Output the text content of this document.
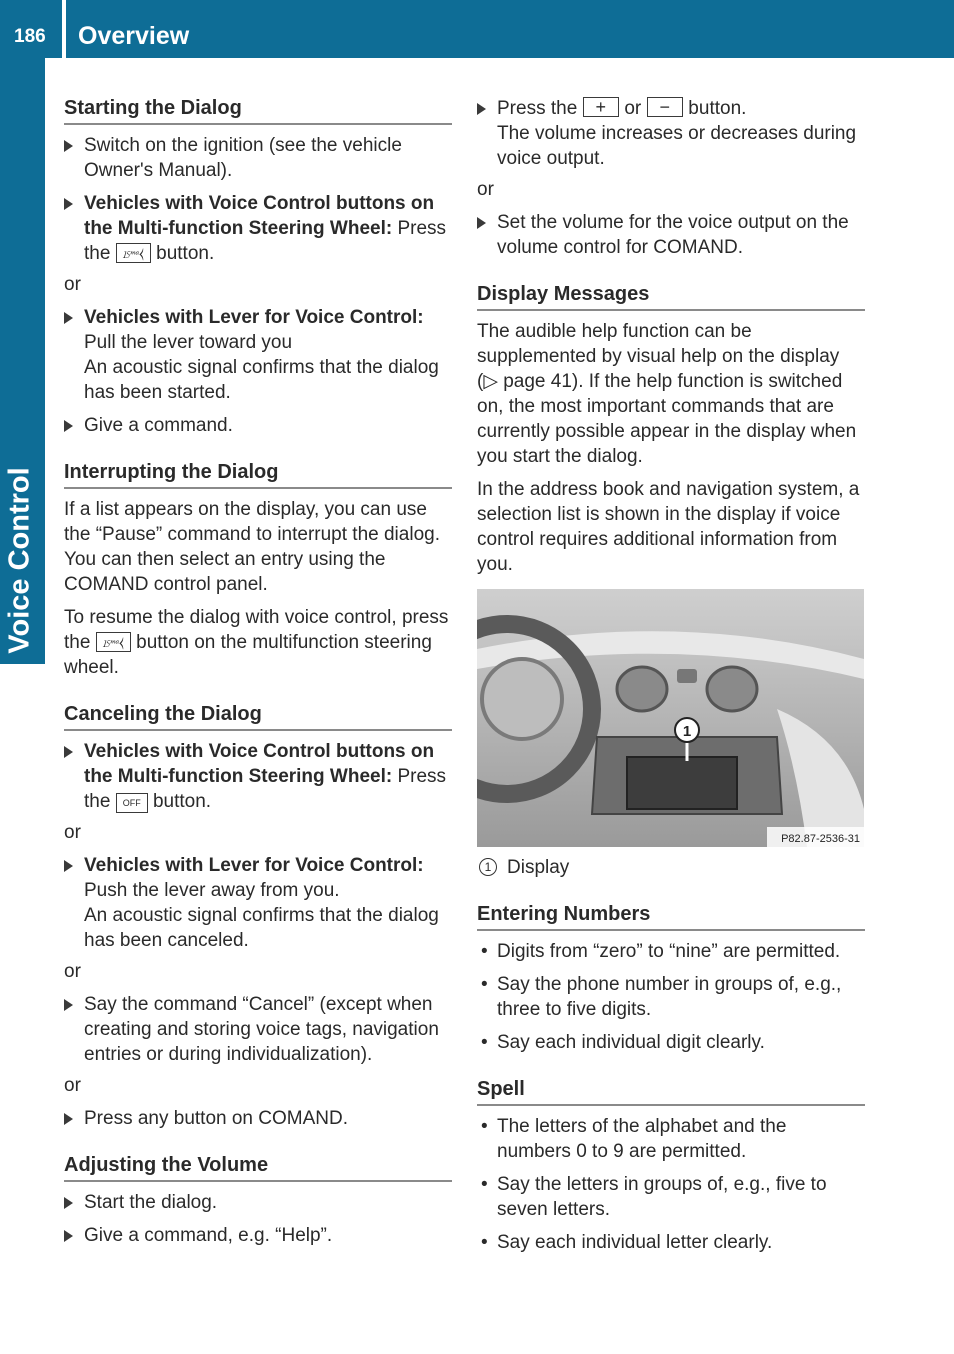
186 Overview
Voice Control
Starting the Dialog
Switch on the ignition (see the vehicle Owner's Manual).
Vehicles with Voice Control buttons on the Multi-function Steering Wheel: Press the 𝄸⧼ button.
or
Vehicles with Lever for Voice Control:
Pull the lever toward you
An acoustic signal confirms that the dialog has been started.
Give a command.
Interrupting the Dialog

If a list appears on the display, you can use the “Pause” command to interrupt the dialog. You can then select an entry using the COMAND control panel.

To resume the dialog with voice control, press the 𝄸⧼ button on the multifunction steering wheel.

Canceling the Dialog
Vehicles with Voice Control buttons on the Multi-function Steering Wheel: Press the OFF button.
or
Vehicles with Lever for Voice Control:
Push the lever away from you.
An acoustic signal confirms that the dialog has been canceled.
or
Say the command “Cancel” (except when creating and storing voice tags, navigation entries or during individualization).
or
Press any button on COMAND.
Adjusting the Volume
Start the dialog.
Give a command, e.g. “Help”.
Press the + or − button.
The volume increases or decreases during voice output.
or
Set the volume for the voice output on the volume control for COMAND.
Display Messages

The audible help function can be supplemented by visual help on the display (▷ page 41). If the help function is switched on, the most important commands that are currently possible appear in the display when you start the dialog.

In the address book and navigation system, a selection list is shown in the display if voice control requires additional information from you.

1
P82.87-2536-31
1 Display
Entering Numbers
• Digits from “zero” to “nine” are permitted.
• Say the phone number in groups of, e.g., three to five digits.
• Say each individual digit clearly.
Spell
• The letters of the alphabet and the numbers 0 to 9 are permitted.
• Say the letters in groups of, e.g., five to seven letters.
• Say each individual letter clearly.
